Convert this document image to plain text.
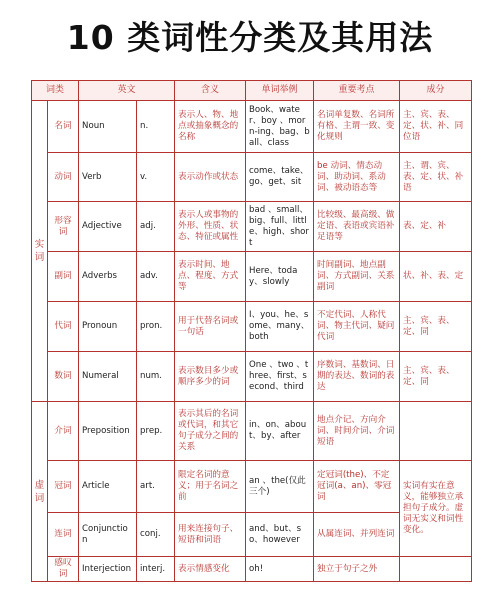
10 类词性分类及其用法
词类		英文		含义	单词举例	重要考点	成分

实词	名词	Noun	n.	表示人、物、地点或抽象概念的名称	Book、water、boy 、morn-ing、bag、ball、class	名词单复数、名词所有格、主谓一致、变化规则	主、宾、表、定、状、补、同位语
	动词	Verb	v.	表示动作或状态	come、take、go、get、sit	be 动词、情态动词、助动词、系动词、被动语态等	主、谓、宾、表、定、状、补语
	形容词	Adjective	adj.	表示人或事物的外形、性质、状态、特征或属性	bad 、small、big、full、little、high、short	比较级、最高级、做定语、表语或宾语补足语等	表、定、补
	副词	Adverbs	adv.	表示时间、地点、程度、方式等	Here、today、slowly	时间副词、地点副词、方式副词、关系副词	状、补、表、定
	代词	Pronoun	pron.	用于代替名词或一句话	I、you、he、some、many、both	不定代词、人称代词、物主代词、疑问代词	主、宾、表、定、同
	数词	Numeral	num.	表示数目多少或顺序多少的词	One 、two 、three、first、second、third	序数词、基数词、日期的表达、数词的表达	主、宾、表、定、同

虚词	介词	Preposition	prep.	表示其后的名词或代词，和其它句子成分之间的关系	in、on、about、by、after	地点介记、方向介词、时间介词、介词短语	
	冠词	Article	art.	限定名词的意义；用于名词之前	an 、the(仅此三个)	定冠词(the)、不定冠词(a、an)、零冠词	实词有实在意义，能够独立承担句子成分。虚词无实义和词性变化。
	连词	Conjunction	conj.	用来连接句子、短语和词语	and、but、so、however	从属连词、并列连词	
	感叹词	Interjection	interj.	表示情感变化	oh!	独立于句子之外	
